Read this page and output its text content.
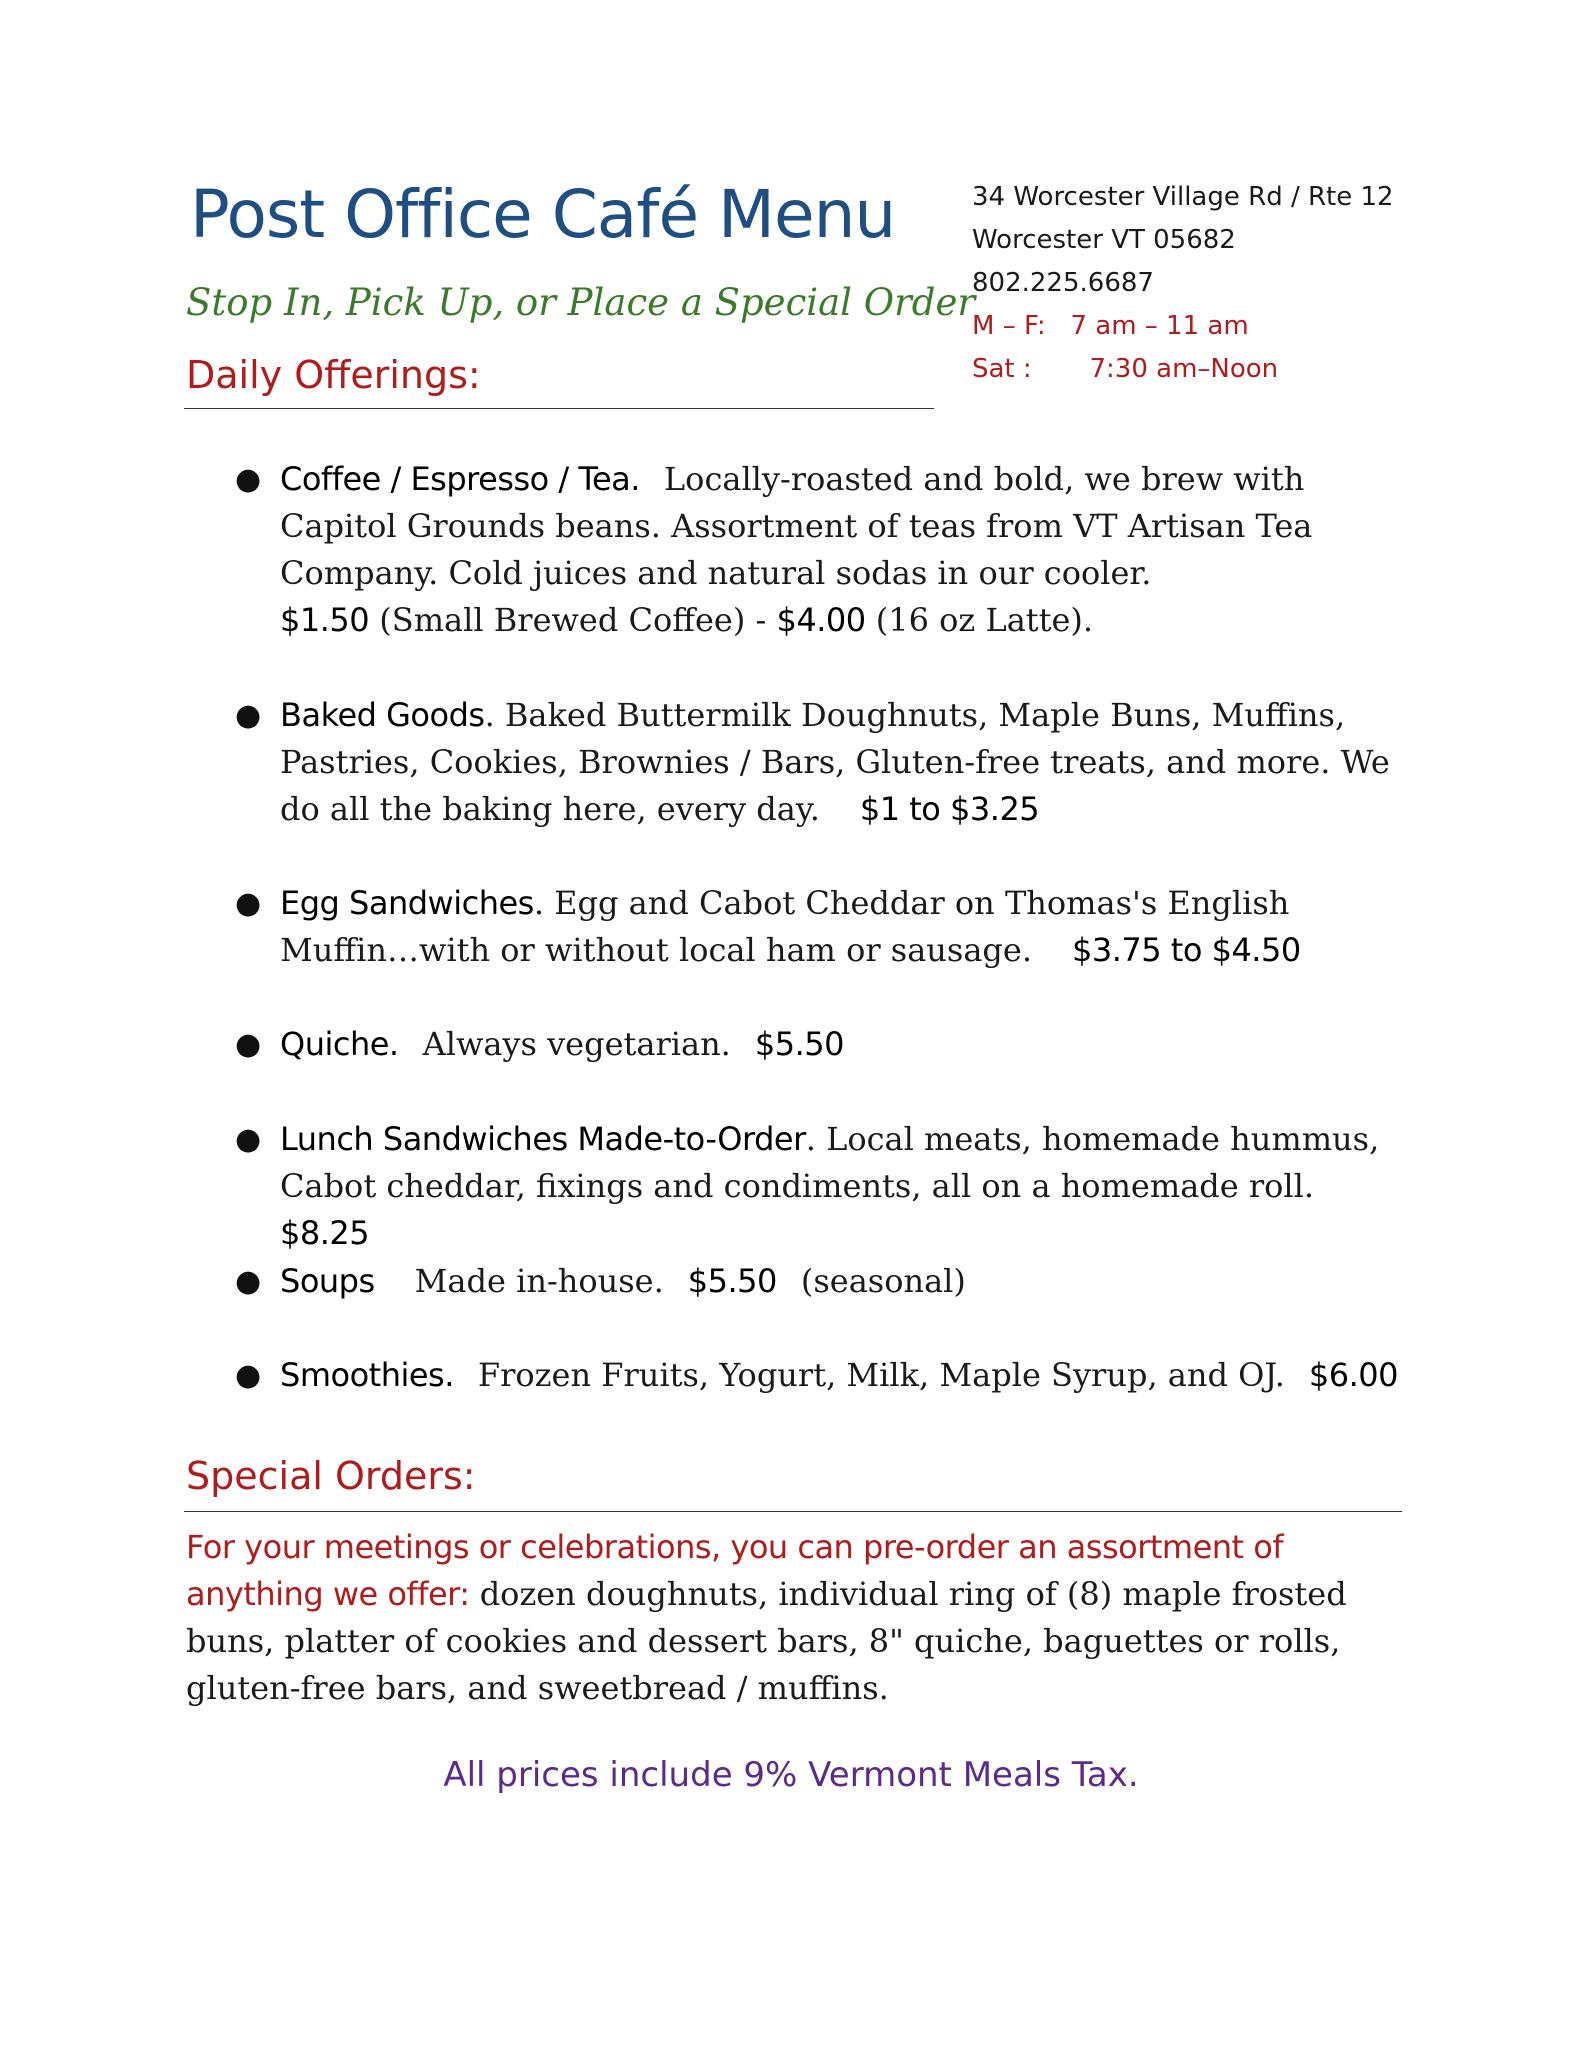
Post Office Café Menu
Stop In, Pick Up, or Place a Special Order
34 Worcester Village Rd / Rte 12
Worcester VT 05682
802.225.6687
M – F:   7 am – 11 am
Sat :       7:30 am–Noon
Daily Offerings:
● Coffee / Espresso / Tea. Locally-roasted and bold, we brew with Capitol Grounds beans. Assortment of teas from VT Artisan Tea Company. Cold juices and natural sodas in our cooler.
$1.50 (Small Brewed Coffee) - $4.00 (16 oz Latte).
● Baked Goods. Baked Buttermilk Doughnuts, Maple Buns, Muffins, Pastries, Cookies, Brownies / Bars, Gluten-free treats, and more. We do all the baking here, every day. $1 to $3.25
● Egg Sandwiches. Egg and Cabot Cheddar on Thomas's English Muffin…with or without local ham or sausage. $3.75 to $4.50
● Quiche. Always vegetarian. $5.50
● Lunch Sandwiches Made-to-Order. Local meats, homemade hummus, Cabot cheddar, fixings and condiments, all on a homemade roll.$8.25
● Soups Made in-house. $5.50 (seasonal)
● Smoothies. Frozen Fruits, Yogurt, Milk, Maple Syrup, and OJ. $6.00
Special Orders:
For your meetings or celebrations, you can pre-order an assortment of anything we offer: dozen doughnuts, individual ring of (8) maple frosted buns, platter of cookies and dessert bars, 8" quiche, baguettes or rolls, gluten-free bars, and sweetbread / muffins.
All prices include 9% Vermont Meals Tax.
